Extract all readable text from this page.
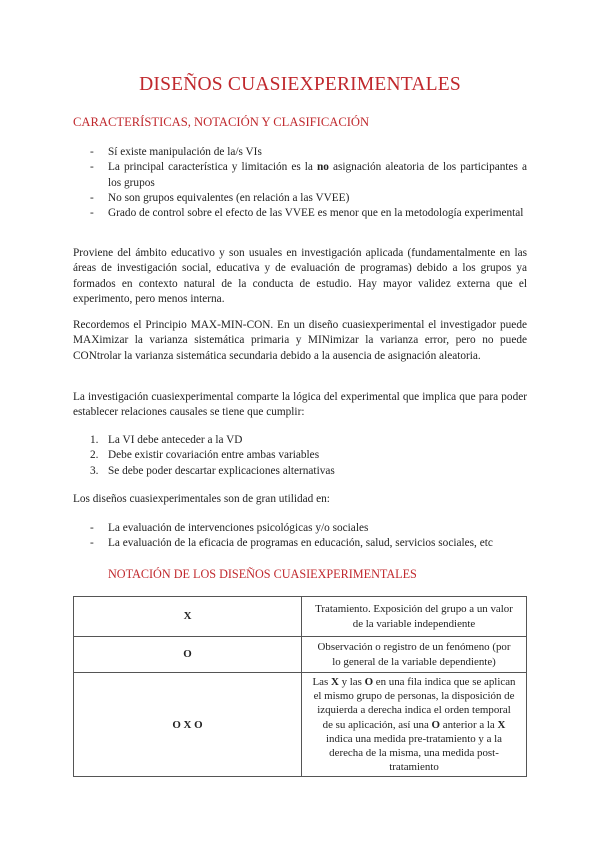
DISEÑOS CUASIEXPERIMENTALES
CARACTERÍSTICAS, NOTACIÓN Y CLASIFICACIÓN
- Sí existe manipulación de la/s VIs
- La principal característica y limitación es la no asignación aleatoria de los participantes a los grupos
- No son grupos equivalentes (en relación a las VVEE)
- Grado de control sobre el efecto de las VVEE es menor que en la metodología experimental

Proviene del ámbito educativo y son usuales en investigación aplicada (fundamentalmente en las áreas de investigación social, educativa y de evaluación de programas) debido a los grupos ya formados en contexto natural de la conducta de estudio. Hay mayor validez externa que el experimento, pero menos interna.

Recordemos el Principio MAX-MIN-CON. En un diseño cuasiexperimental el investigador puede MAXimizar la varianza sistemática primaria y MINimizar la varianza error, pero no puede CONtrolar la varianza sistemática secundaria debido a la ausencia de asignación aleatoria.

La investigación cuasiexperimental comparte la lógica del experimental que implica que para poder establecer relaciones causales se tiene que cumplir:

1. La VI debe anteceder a la VD
2. Debe existir covariación entre ambas variables
3. Se debe poder descartar explicaciones alternativas

Los diseños cuasiexperimentales son de gran utilidad en:

- La evaluación de intervenciones psicológicas y/o sociales
- La evaluación de la eficacia de programas en educación, salud, servicios sociales, etc
NOTACIÓN DE LOS DISEÑOS CUASIEXPERIMENTALES
X	Tratamiento. Exposición del grupo a un valor de la variable independiente
O	Observación o registro de un fenómeno (por lo general de la variable dependiente)
O X O	Las X y las O en una fila indica que se aplican el mismo grupo de personas, la disposición de izquierda a derecha indica el orden temporal de su aplicación, así una O anterior a la X indica una medida pre-tratamiento y a la derecha de la misma, una medida post-tratamiento
